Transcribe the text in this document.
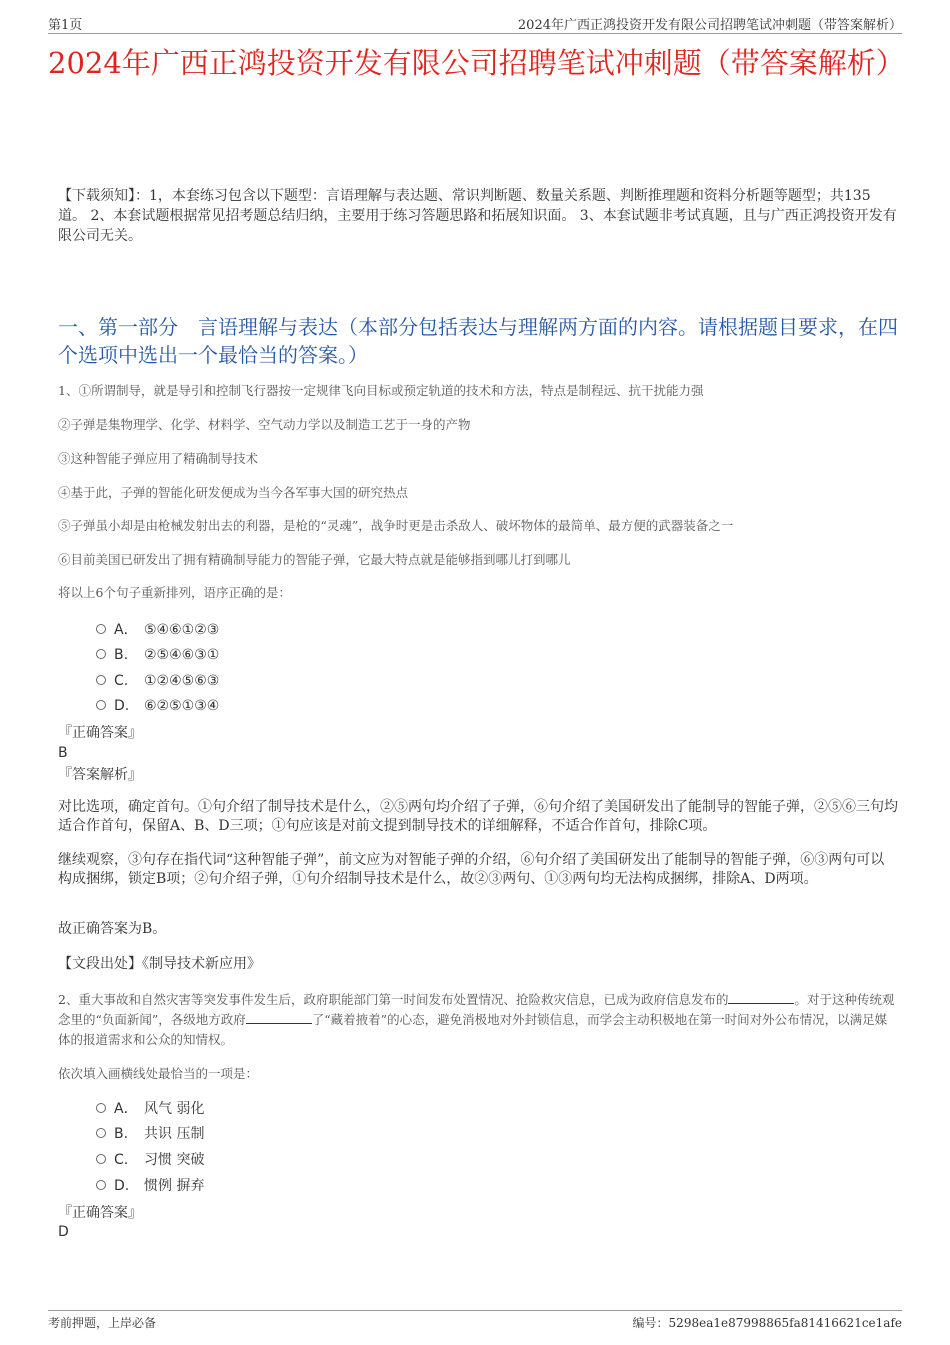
第1页	2024年广西正鸿投资开发有限公司招聘笔试冲刺题（带答案解析）
2024年广西正鸿投资开发有限公司招聘笔试冲刺题（带答案解析）
【下载须知】：1，本套练习包含以下题型：言语理解与表达题、常识判断题、数量关系题、判断推理题和资料分析题等题型；共135道。 2、本套试题根据常见招考题总结归纳，主要用于练习答题思路和拓展知识面。 3、本套试题非考试真题，且与广西正鸿投资开发有限公司无关。
一、第一部分　言语理解与表达（本部分包括表达与理解两方面的内容。请根据题目要求，在四个选项中选出一个最恰当的答案。）
1、①所谓制导，就是导引和控制飞行器按一定规律飞向目标或预定轨道的技术和方法，特点是制程远、抗干扰能力强
②子弹是集物理学、化学、材料学、空气动力学以及制造工艺于一身的产物
③这种智能子弹应用了精确制导技术
④基于此，子弹的智能化研发便成为当今各军事大国的研究热点
⑤子弹虽小却是由枪械发射出去的利器，是枪的“灵魂”，战争时更是击杀敌人、破坏物体的最简单、最方便的武器装备之一
⑥目前美国已研发出了拥有精确制导能力的智能子弹，它最大特点就是能够指到哪儿打到哪儿
将以上6个句子重新排列，语序正确的是：
A． ⑤④⑥①②③
B. ②⑤④⑥③①
C. ①②④⑤⑥③
D. ⑥②⑤①③④
『正确答案』
B
『答案解析』
对比选项，确定首句。①句介绍了制导技术是什么，②⑤两句均介绍了子弹，⑥句介绍了美国研发出了能制导的智能子弹，②⑤⑥三句均适合作首句，保留A、B、D三项；①句应该是对前文提到制导技术的详细解释，不适合作首句，排除C项。
继续观察，③句存在指代词“这种智能子弹”，前文应为对智能子弹的介绍，⑥句介绍了美国研发出了能制导的智能子弹，⑥③两句可以构成捆绑，锁定B项；②句介绍子弹，①句介绍制导技术是什么，故②③两句、①③两句均无法构成捆绑，排除A、D两项。
故正确答案为B。
【文段出处】《制导技术新应用》
2、重大事故和自然灾害等突发事件发生后，政府职能部门第一时间发布处置情况、抢险救灾信息，已成为政府信息发布的	。对于这种传统观念里的“负面新闻”，各级地方政府	了“藏着掖着”的心态，避免消极地对外封锁信息，而学会主动积极地在第一时间对外公布情况，以满足媒体的报道需求和公众的知情权。
依次填入画横线处最恰当的一项是：
A． 风气 弱化
B. 共识 压制
C. 习惯 突破
D. 惯例 摒弃
『正确答案』
D
考前押题，上岸必备	编号：5298ea1e87998865fa81416621ce1afe
